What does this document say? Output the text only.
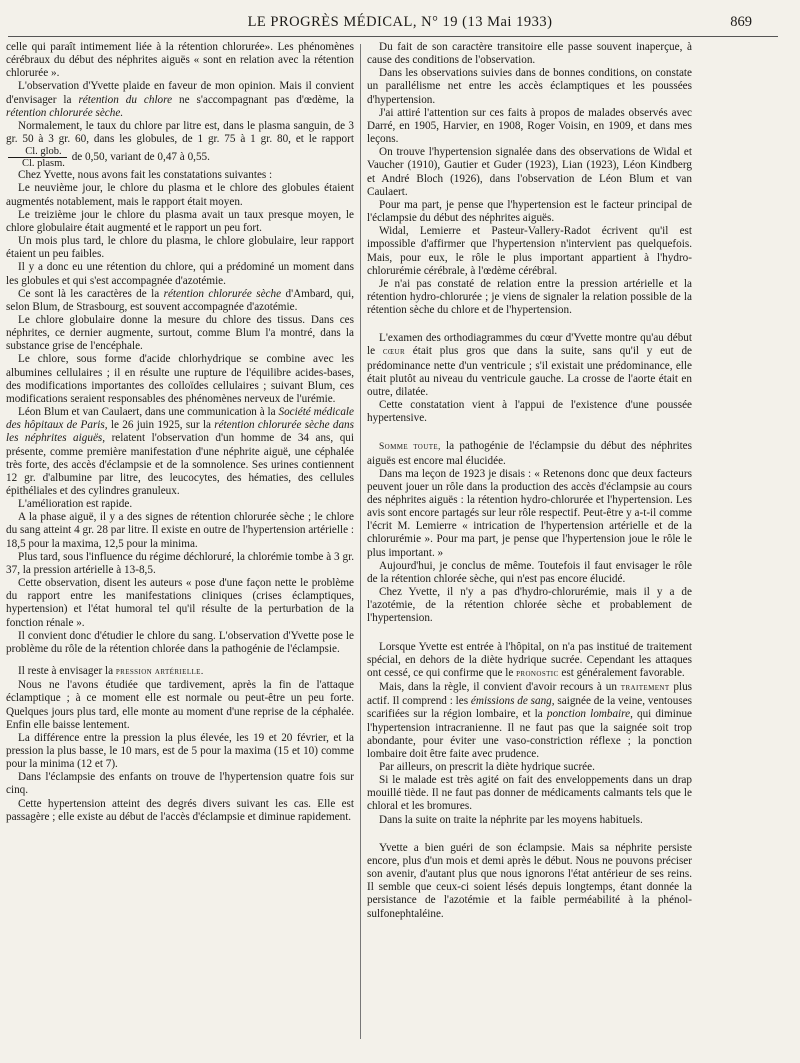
LE PROGRÈS MÉDICAL, N° 19 (13 Mai 1933)	869

celle qui paraît intimement liée à la rétention chlorurée». Les phénomènes cérébraux du début des néphrites aiguës « sont en relation avec la rétention chlorurée ».

L'observation d'Yvette plaide en faveur de mon opinion. Mais il convient d'envisager la rétention du chlore ne s'accompagnant pas d'œdème, la rétention chlorurée sèche.

Normalement, le taux du chlore par litre est, dans le plasma sanguin, de 3 gr. 50 à 3 gr. 60, dans les globules, de 1 gr. 75 à 1 gr. 80, et le rapport
$\frac{\text{Cl. glob.}}{\text{Cl. plasm.}}$ de 0,50, variant de 0,47 à 0,55.

Chez Yvette, nous avons fait les constatations suivantes :

Le neuvième jour, le chlore du plasma et le chlore des globules étaient augmentés notablement, mais le rapport était moyen.

Le treizième jour le chlore du plasma avait un taux presque moyen, le chlore globulaire était augmenté et le rapport un peu fort.

Un mois plus tard, le chlore du plasma, le chlore globulaire, leur rapport étaient un peu faibles.

Il y a donc eu une rétention du chlore, qui a prédominé un moment dans les globules et qui s'est accompagnée d'azotémie.

Ce sont là les caractères de la rétention chlorurée sèche d'Ambard, qui, selon Blum, de Strasbourg, est souvent accompagnée d'azotémie.

Le chlore globulaire donne la mesure du chlore des tissus. Dans ces néphrites, ce dernier augmente, surtout, comme Blum l'a montré, dans la substance grise de l'encéphale.

Le chlore, sous forme d'acide chlorhydrique se combine avec les albumines cellulaires ; il en résulte une rupture de l'équilibre acides-bases, des modifications importantes des colloïdes cellulaires ; suivant Blum, ces modifications seraient responsables des phénomènes nerveux de l'urémie.

Léon Blum et van Caulaert, dans une communication à la Société médicale des hôpitaux de Paris, le 26 juin 1925, sur la rétention chlorurée sèche dans les néphrites aiguës, relatent l'observation d'un homme de 34 ans, qui présente, comme première manifestation d'une néphrite aiguë, une céphalée très forte, des accès d'éclampsie et de la somnolence. Ses urines contiennent 12 gr. d'albumine par litre, des leucocytes, des hématies, des cellules épithéliales et des cylindres granuleux.

L'amélioration est rapide.

A la phase aiguë, il y a des signes de rétention chlorurée sèche ; le chlore du sang atteint 4 gr. 28 par litre. Il existe en outre de l'hypertension artérielle : 18,5 pour la maxima, 12,5 pour la minima.

Plus tard, sous l'influence du régime déchloruré, la chlorémie tombe à 3 gr. 37, la pression artérielle à 13-8,5.

Cette observation, disent les auteurs « pose d'une façon nette le problème du rapport entre les manifestations cliniques (crises éclamptiques, hypertension) et l'état humoral tel qu'il résulte de la perturbation de la fonction rénale ».

Il convient donc d'étudier le chlore du sang. L'observation d'Yvette pose le problème du rôle de la rétention chlorée dans la pathogénie de l'éclampsie.

Il reste à envisager la pression artérielle.

Nous ne l'avons étudiée que tardivement, après la fin de l'attaque éclamptique ; à ce moment elle est normale ou peut-être un peu forte. Quelques jours plus tard, elle monte au moment d'une reprise de la céphalée. Enfin elle baisse lentement.

La différence entre la pression la plus élevée, les 19 et 20 février, et la pression la plus basse, le 10 mars, est de 5 pour la maxima (15 et 10) comme pour la minima (12 et 7).

Dans l'éclampsie des enfants on trouve de l'hypertension quatre fois sur cinq.

Cette hypertension atteint des degrés divers suivant les cas. Elle est passagère ; elle existe au début de l'accès d'éclampsie et diminue rapidement.

Du fait de son caractère transitoire elle passe souvent inaperçue, à cause des conditions de l'observation.

Dans les observations suivies dans de bonnes conditions, on constate un parallélisme net entre les accès éclamptiques et les poussées d'hypertension.

J'ai attiré l'attention sur ces faits à propos de malades observés avec Darré, en 1905, Harvier, en 1908, Roger Voisin, en 1909, et dans mes leçons.

On trouve l'hypertension signalée dans des observations de Widal et Vaucher (1910), Gautier et Guder (1923), Lian (1923), Léon Kindberg et André Bloch (1926), dans l'observation de Léon Blum et van Caulaert.

Pour ma part, je pense que l'hypertension est le facteur principal de l'éclampsie du début des néphrites aiguës.

Widal, Lemierre et Pasteur-Vallery-Radot écrivent qu'il est impossible d'affirmer que l'hypertension n'intervient pas quelquefois. Mais, pour eux, le rôle le plus important appartient à l'hydro-chlorurémie cérébrale, à l'œdème cérébral.

Je n'ai pas constaté de relation entre la pression artérielle et la rétention hydro-chlorurée ; je viens de signaler la relation possible de la rétention sèche du chlore et de l'hypertension.

L'examen des orthodiagrammes du cœur d'Yvette montre qu'au début le cœur était plus gros que dans la suite, sans qu'il y eut de prédominance nette d'un ventricule ; s'il existait une prédominance, elle était plutôt au niveau du ventricule gauche. La crosse de l'aorte était en outre, dilatée.

Cette constatation vient à l'appui de l'existence d'une poussée hypertensive.

Somme toute, la pathogénie de l'éclampsie du début des néphrites aiguës est encore mal élucidée.

Dans ma leçon de 1923 je disais : « Retenons donc que deux facteurs peuvent jouer un rôle dans la production des accès d'éclampsie au cours des néphrites aiguës : la rétention hydro-chlorurée et l'hypertension. Les avis sont encore partagés sur leur rôle respectif. Peut-être y a-t-il comme l'écrit M. Lemierre « intrication de l'hypertension artérielle et de la chlorurémie ». Pour ma part, je pense que l'hypertension joue le rôle le plus important. »

Aujourd'hui, je conclus de même. Toutefois il faut envisager le rôle de la rétention chlorée sèche, qui n'est pas encore élucidé.

Chez Yvette, il n'y a pas d'hydro-chlorurémie, mais il y a de l'azotémie, de la rétention chlorée sèche et probablement de l'hypertension.

Lorsque Yvette est entrée à l'hôpital, on n'a pas institué de traitement spécial, en dehors de la diète hydrique sucrée. Cependant les attaques ont cessé, ce qui confirme que le pronostic est généralement favorable.

Mais, dans la règle, il convient d'avoir recours à un traitement plus actif. Il comprend : les émissions de sang, saignée de la veine, ventouses scarifiées sur la région lombaire, et la ponction lombaire, qui diminue l'hypertension intracranienne. Il ne faut pas que la saignée soit trop abondante, pour éviter une vaso-constriction réflexe ; la ponction lombaire doit être faite avec prudence.

Par ailleurs, on prescrit la diète hydrique sucrée.

Si le malade est très agité on fait des enveloppements dans un drap mouillé tiède. Il ne faut pas donner de médicaments calmants tels que le chloral et les bromures.

Dans la suite on traite la néphrite par les moyens habituels.

Yvette a bien guéri de son éclampsie. Mais sa néphrite persiste encore, plus d'un mois et demi après le début. Nous ne pouvons préciser son avenir, d'autant plus que nous ignorons l'état antérieur de ses reins. Il semble que ceux-ci soient lésés depuis longtemps, étant donnée la persistance de l'azotémie et la faible perméabilité à la phénol-sulfonephtaléine.
